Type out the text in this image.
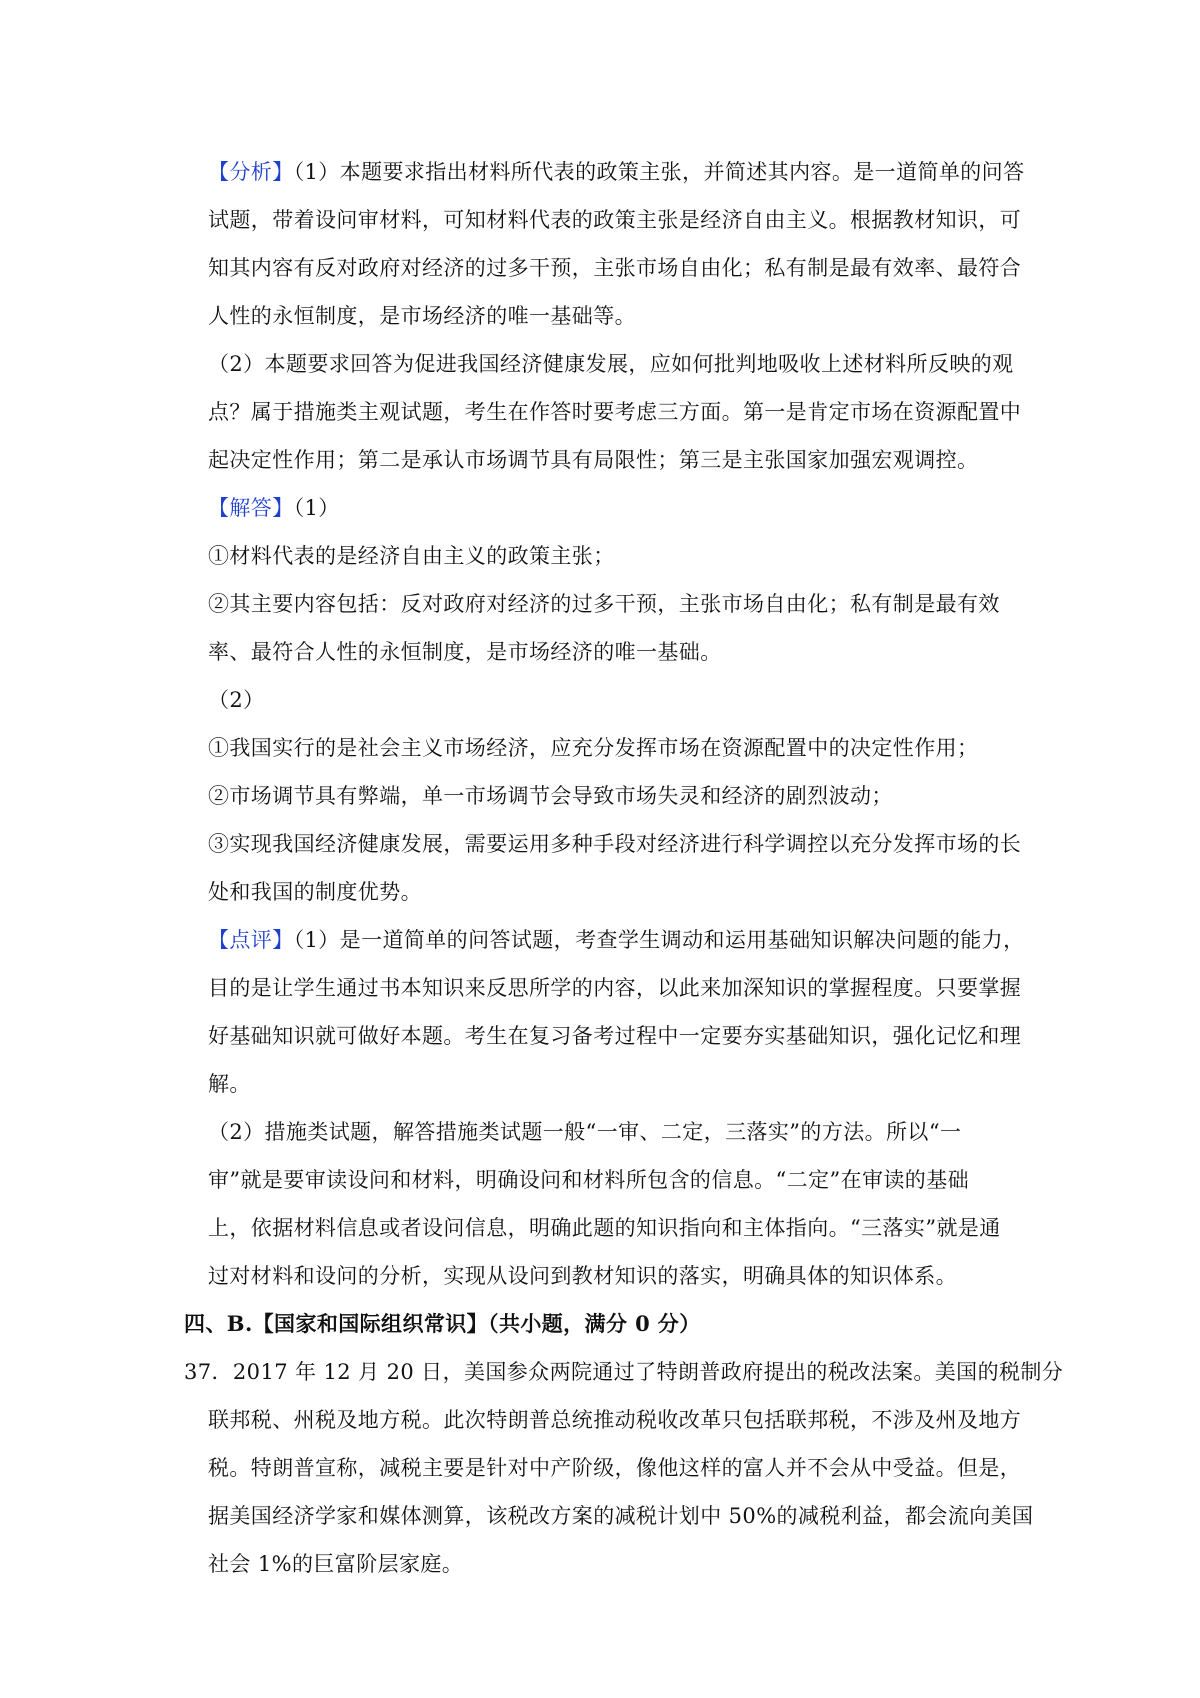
【分析】（1）本题要求指出材料所代表的政策主张，并简述其内容。是一道简单的问答
试题，带着设问审材料，可知材料代表的政策主张是经济自由主义。根据教材知识，可
知其内容有反对政府对经济的过多干预，主张市场自由化；私有制是最有效率、最符合
人性的永恒制度，是市场经济的唯一基础等。
（2）本题要求回答为促进我国经济健康发展，应如何批判地吸收上述材料所反映的观
点？属于措施类主观试题，考生在作答时要考虑三方面。第一是肯定市场在资源配置中
起决定性作用；第二是承认市场调节具有局限性；第三是主张国家加强宏观调控。
【解答】（1）
①材料代表的是经济自由主义的政策主张；
②其主要内容包括：反对政府对经济的过多干预，主张市场自由化；私有制是最有效
率、最符合人性的永恒制度，是市场经济的唯一基础。
（2）
①我国实行的是社会主义市场经济，应充分发挥市场在资源配置中的决定性作用；
②市场调节具有弊端，单一市场调节会导致市场失灵和经济的剧烈波动；
③实现我国经济健康发展，需要运用多种手段对经济进行科学调控以充分发挥市场的长
处和我国的制度优势。
【点评】（1）是一道简单的问答试题，考查学生调动和运用基础知识解决问题的能力，
目的是让学生通过书本知识来反思所学的内容，以此来加深知识的掌握程度。只要掌握
好基础知识就可做好本题。考生在复习备考过程中一定要夯实基础知识，强化记忆和理
解。
（2）措施类试题，解答措施类试题一般“一审、二定，三落实”的方法。所以“一
审”就是要审读设问和材料，明确设问和材料所包含的信息。“二定”在审读的基础
上，依据材料信息或者设问信息，明确此题的知识指向和主体指向。“三落实”就是通
过对材料和设问的分析，实现从设问到教材知识的落实，明确具体的知识体系。
四、B.【国家和国际组织常识】（共小题，满分 0 分）
37．2017 年 12 月 20 日，美国参众两院通过了特朗普政府提出的税改法案。美国的税制分
联邦税、州税及地方税。此次特朗普总统推动税收改革只包括联邦税，不涉及州及地方
税。特朗普宣称，减税主要是针对中产阶级，像他这样的富人并不会从中受益。但是，
据美国经济学家和媒体测算，该税改方案的减税计划中 50%的减税利益，都会流向美国
社会 1%的巨富阶层家庭。
